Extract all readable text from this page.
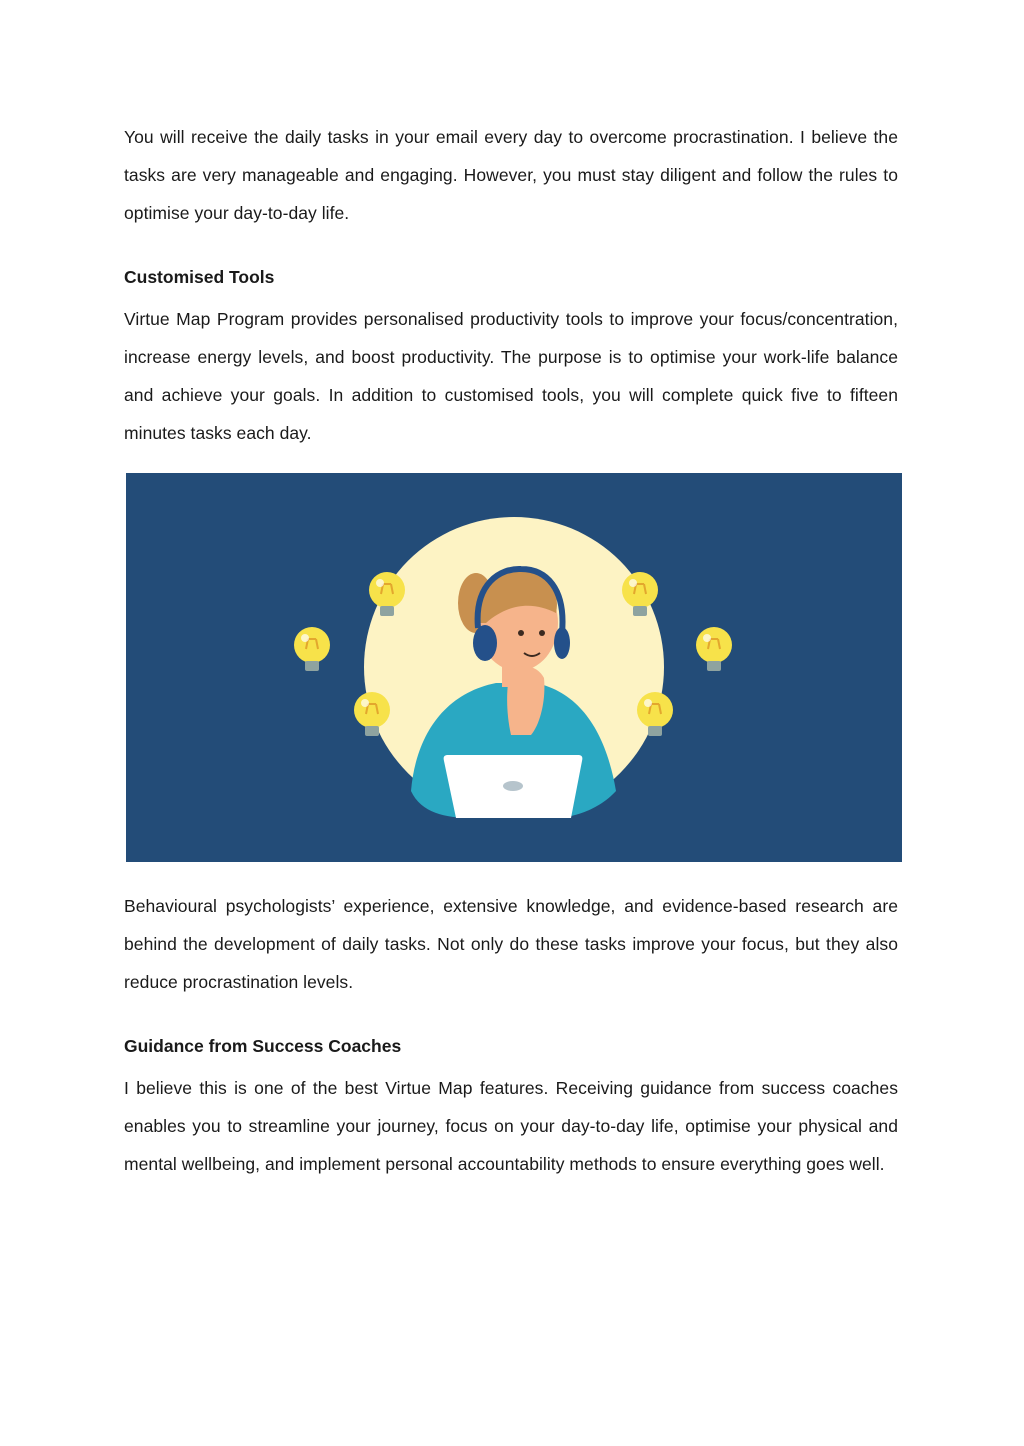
You will receive the daily tasks in your email every day to overcome procrastination. I believe the tasks are very manageable and engaging. However, you must stay diligent and follow the rules to optimise your day-to-day life.

Customised Tools

Virtue Map Program provides personalised productivity tools to improve your focus/concentration, increase energy levels, and boost productivity. The purpose is to optimise your work-life balance and achieve your goals. In addition to customised tools, you will complete quick five to fifteen minutes tasks each day.

Behavioural psychologists’ experience, extensive knowledge, and evidence-based research are behind the development of daily tasks. Not only do these tasks improve your focus, but they also reduce procrastination levels.

Guidance from Success Coaches

I believe this is one of the best Virtue Map features. Receiving guidance from success coaches enables you to streamline your journey, focus on your day-to-day life, optimise your physical and mental wellbeing, and implement personal accountability methods to ensure everything goes well.
